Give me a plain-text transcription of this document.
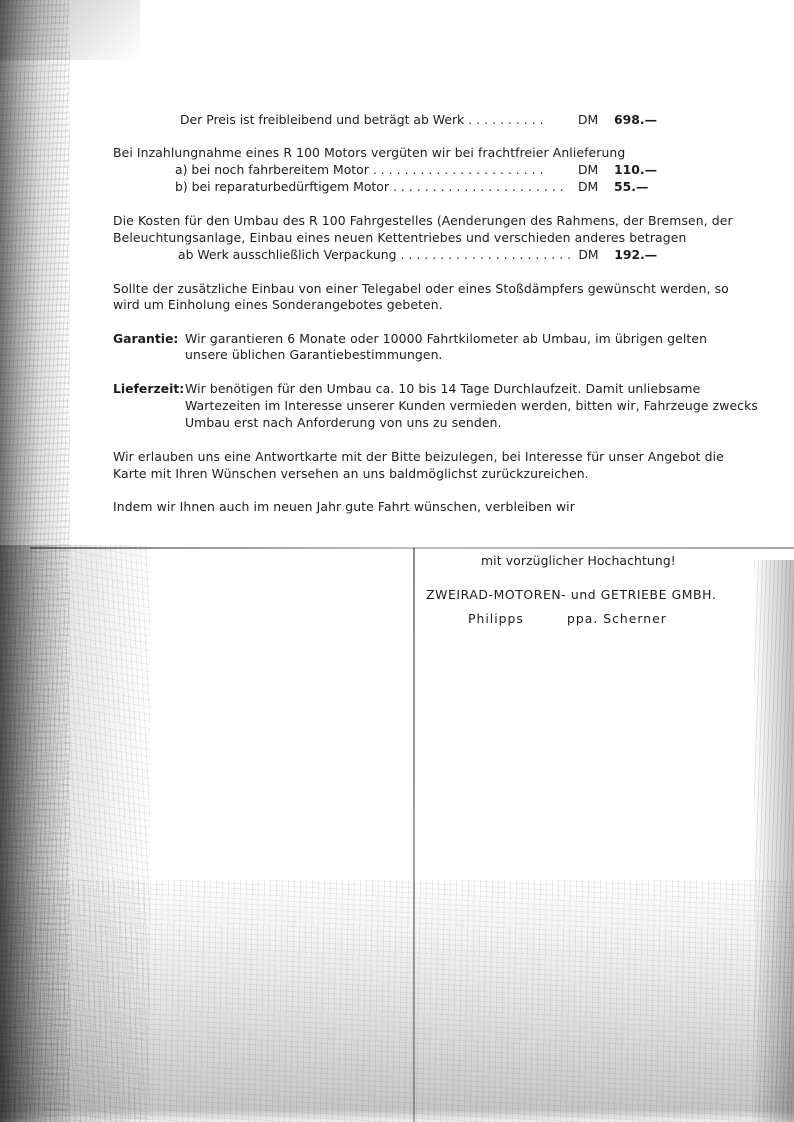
Der Preis ist freibleibend und beträgt ab Werk ..........	DM	698.—
Bei Inzahlungnahme eines R 100 Motors vergüten wir bei frachtfreier Anlieferung
a) bei noch fahrbereitem Motor ......................	DM	110.—
b) bei reparaturbedürftigem Motor ...................... DM	55.—
Die Kosten für den Umbau des R 100 Fahrgestelles (Aenderungen des Rahmens, der Bremsen, der
Beleuchtungsanlage, Einbau eines neuen Kettentriebes und verschieden anderes betragen
ab Werk ausschließlich Verpackung ...................... DM	192.—
Sollte der zusätzliche Einbau von einer Telegabel oder eines Stoßdämpfers gewünscht werden, so
wird um Einholung eines Sonderangebotes gebeten.
Garantie: Wir garantieren 6 Monate oder 10000 Fahrtkilometer ab Umbau, im übrigen gelten
unsere üblichen Garantiebestimmungen.
Lieferzeit: Wir benötigen für den Umbau ca. 10 bis 14 Tage Durchlaufzeit. Damit unliebsame
Wartezeiten im Interesse unserer Kunden vermieden werden, bitten wir, Fahrzeuge zwecks
Umbau erst nach Anforderung von uns zu senden.
Wir erlauben uns eine Antwortkarte mit der Bitte beizulegen, bei Interesse für unser Angebot die
Karte mit Ihren Wünschen versehen an uns baldmöglichst zurückzureichen.
Indem wir Ihnen auch im neuen Jahr gute Fahrt wünschen, verbleiben wir
mit vorzüglicher Hochachtung!
ZWEIRAD-MOTOREN- und GETRIEBE GMBH.
Philipps	ppa. Scherner
